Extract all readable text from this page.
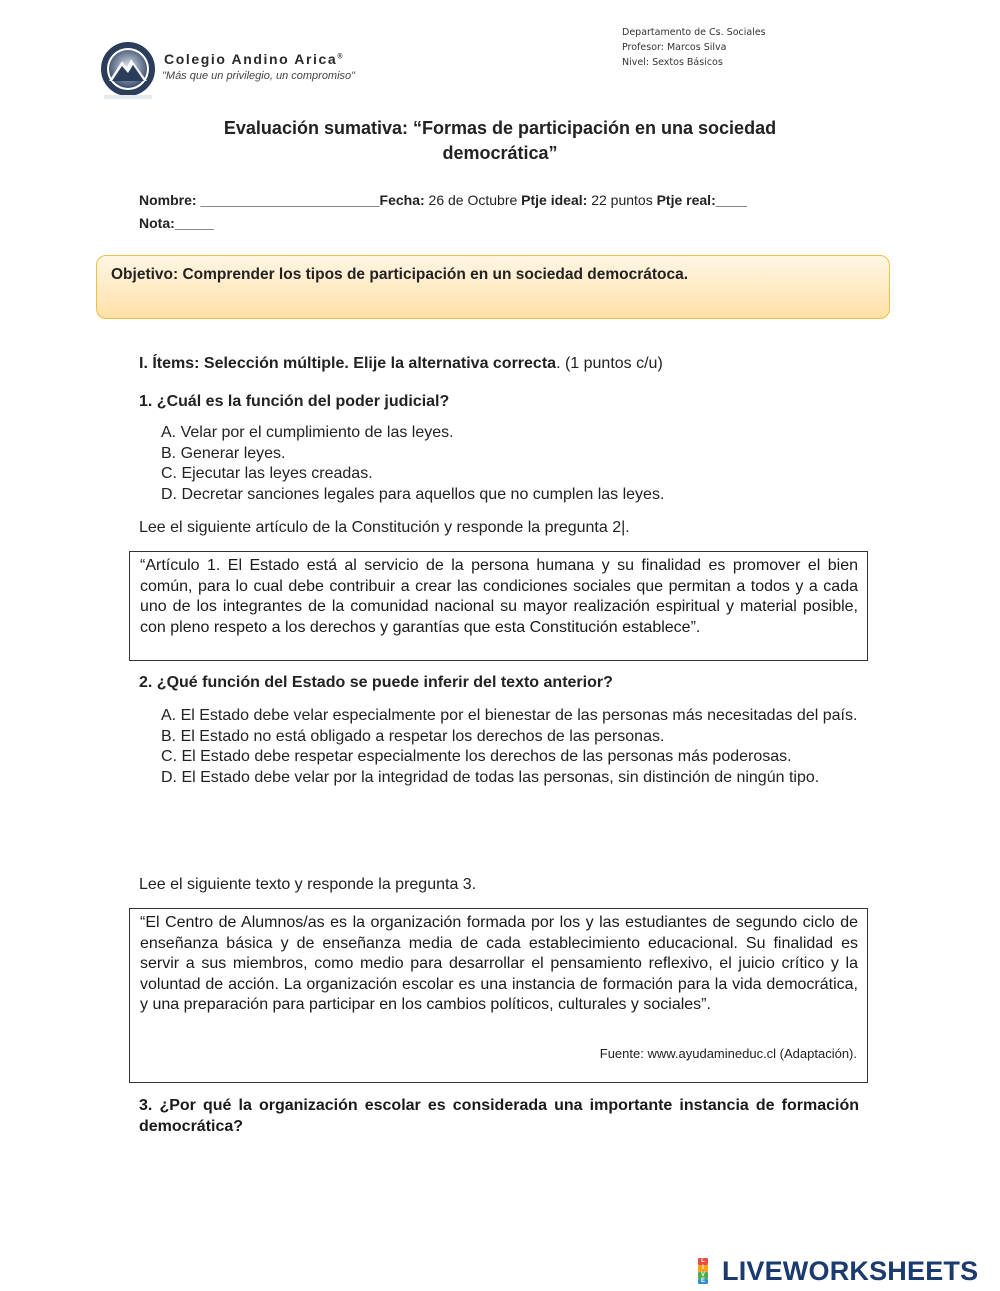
Colegio Andino Arica®
"Más que un privilegio, un compromiso"
Departamento de Cs. Sociales
Profesor: Marcos Silva
Nivel: Sextos Básicos
Evaluación sumativa: “Formas de participación en una sociedad
democrática”
Nombre: _______________________Fecha: 26 de Octubre Ptje ideal: 22 puntos Ptje real:____
Nota:_____
Objetivo: Comprender los tipos de participación en un sociedad democrátoca.
I. Ítems: Selección múltiple. Elije la alternativa correcta. (1 puntos c/u)
1. ¿Cuál es la función del poder judicial?
A. Velar por el cumplimiento de las leyes.
B. Generar leyes.
C. Ejecutar las leyes creadas.
D. Decretar sanciones legales para aquellos que no cumplen las leyes.
Lee el siguiente artículo de la Constitución y responde la pregunta 2|.

“Artículo 1. El Estado está al servicio de la persona humana y su finalidad es promover el bien común, para lo cual debe contribuir a crear las condiciones sociales que permitan a todos y a cada uno de los integrantes de la comunidad nacional su mayor realización espiritual y material posible, con pleno respeto a los derechos y garantías que esta Constitución establece”.

2. ¿Qué función del Estado se puede inferir del texto anterior?
A. El Estado debe velar especialmente por el bienestar de las personas más necesitadas del país.
B. El Estado no está obligado a respetar los derechos de las personas.
C. El Estado debe respetar especialmente los derechos de las personas más poderosas.
D. El Estado debe velar por la integridad de todas las personas, sin distinción de ningún tipo.
Lee el siguiente texto y responde la pregunta 3.

“El Centro de Alumnos/as es la organización formada por los y las estudiantes de segundo ciclo de enseñanza básica y de enseñanza media de cada establecimiento educacional. Su finalidad es servir a sus miembros, como medio para desarrollar el pensamiento reflexivo, el juicio crítico y la voluntad de acción. La organización escolar es una instancia de formación para la vida democrática, y una preparación para participar en los cambios políticos, culturales y sociales”.

Fuente: www.ayudamineduc.cl (Adaptación).
3. ¿Por qué la organización escolar es considerada una importante instancia de formación democrática?
L
I
V
E LIVEWORKSHEETS
